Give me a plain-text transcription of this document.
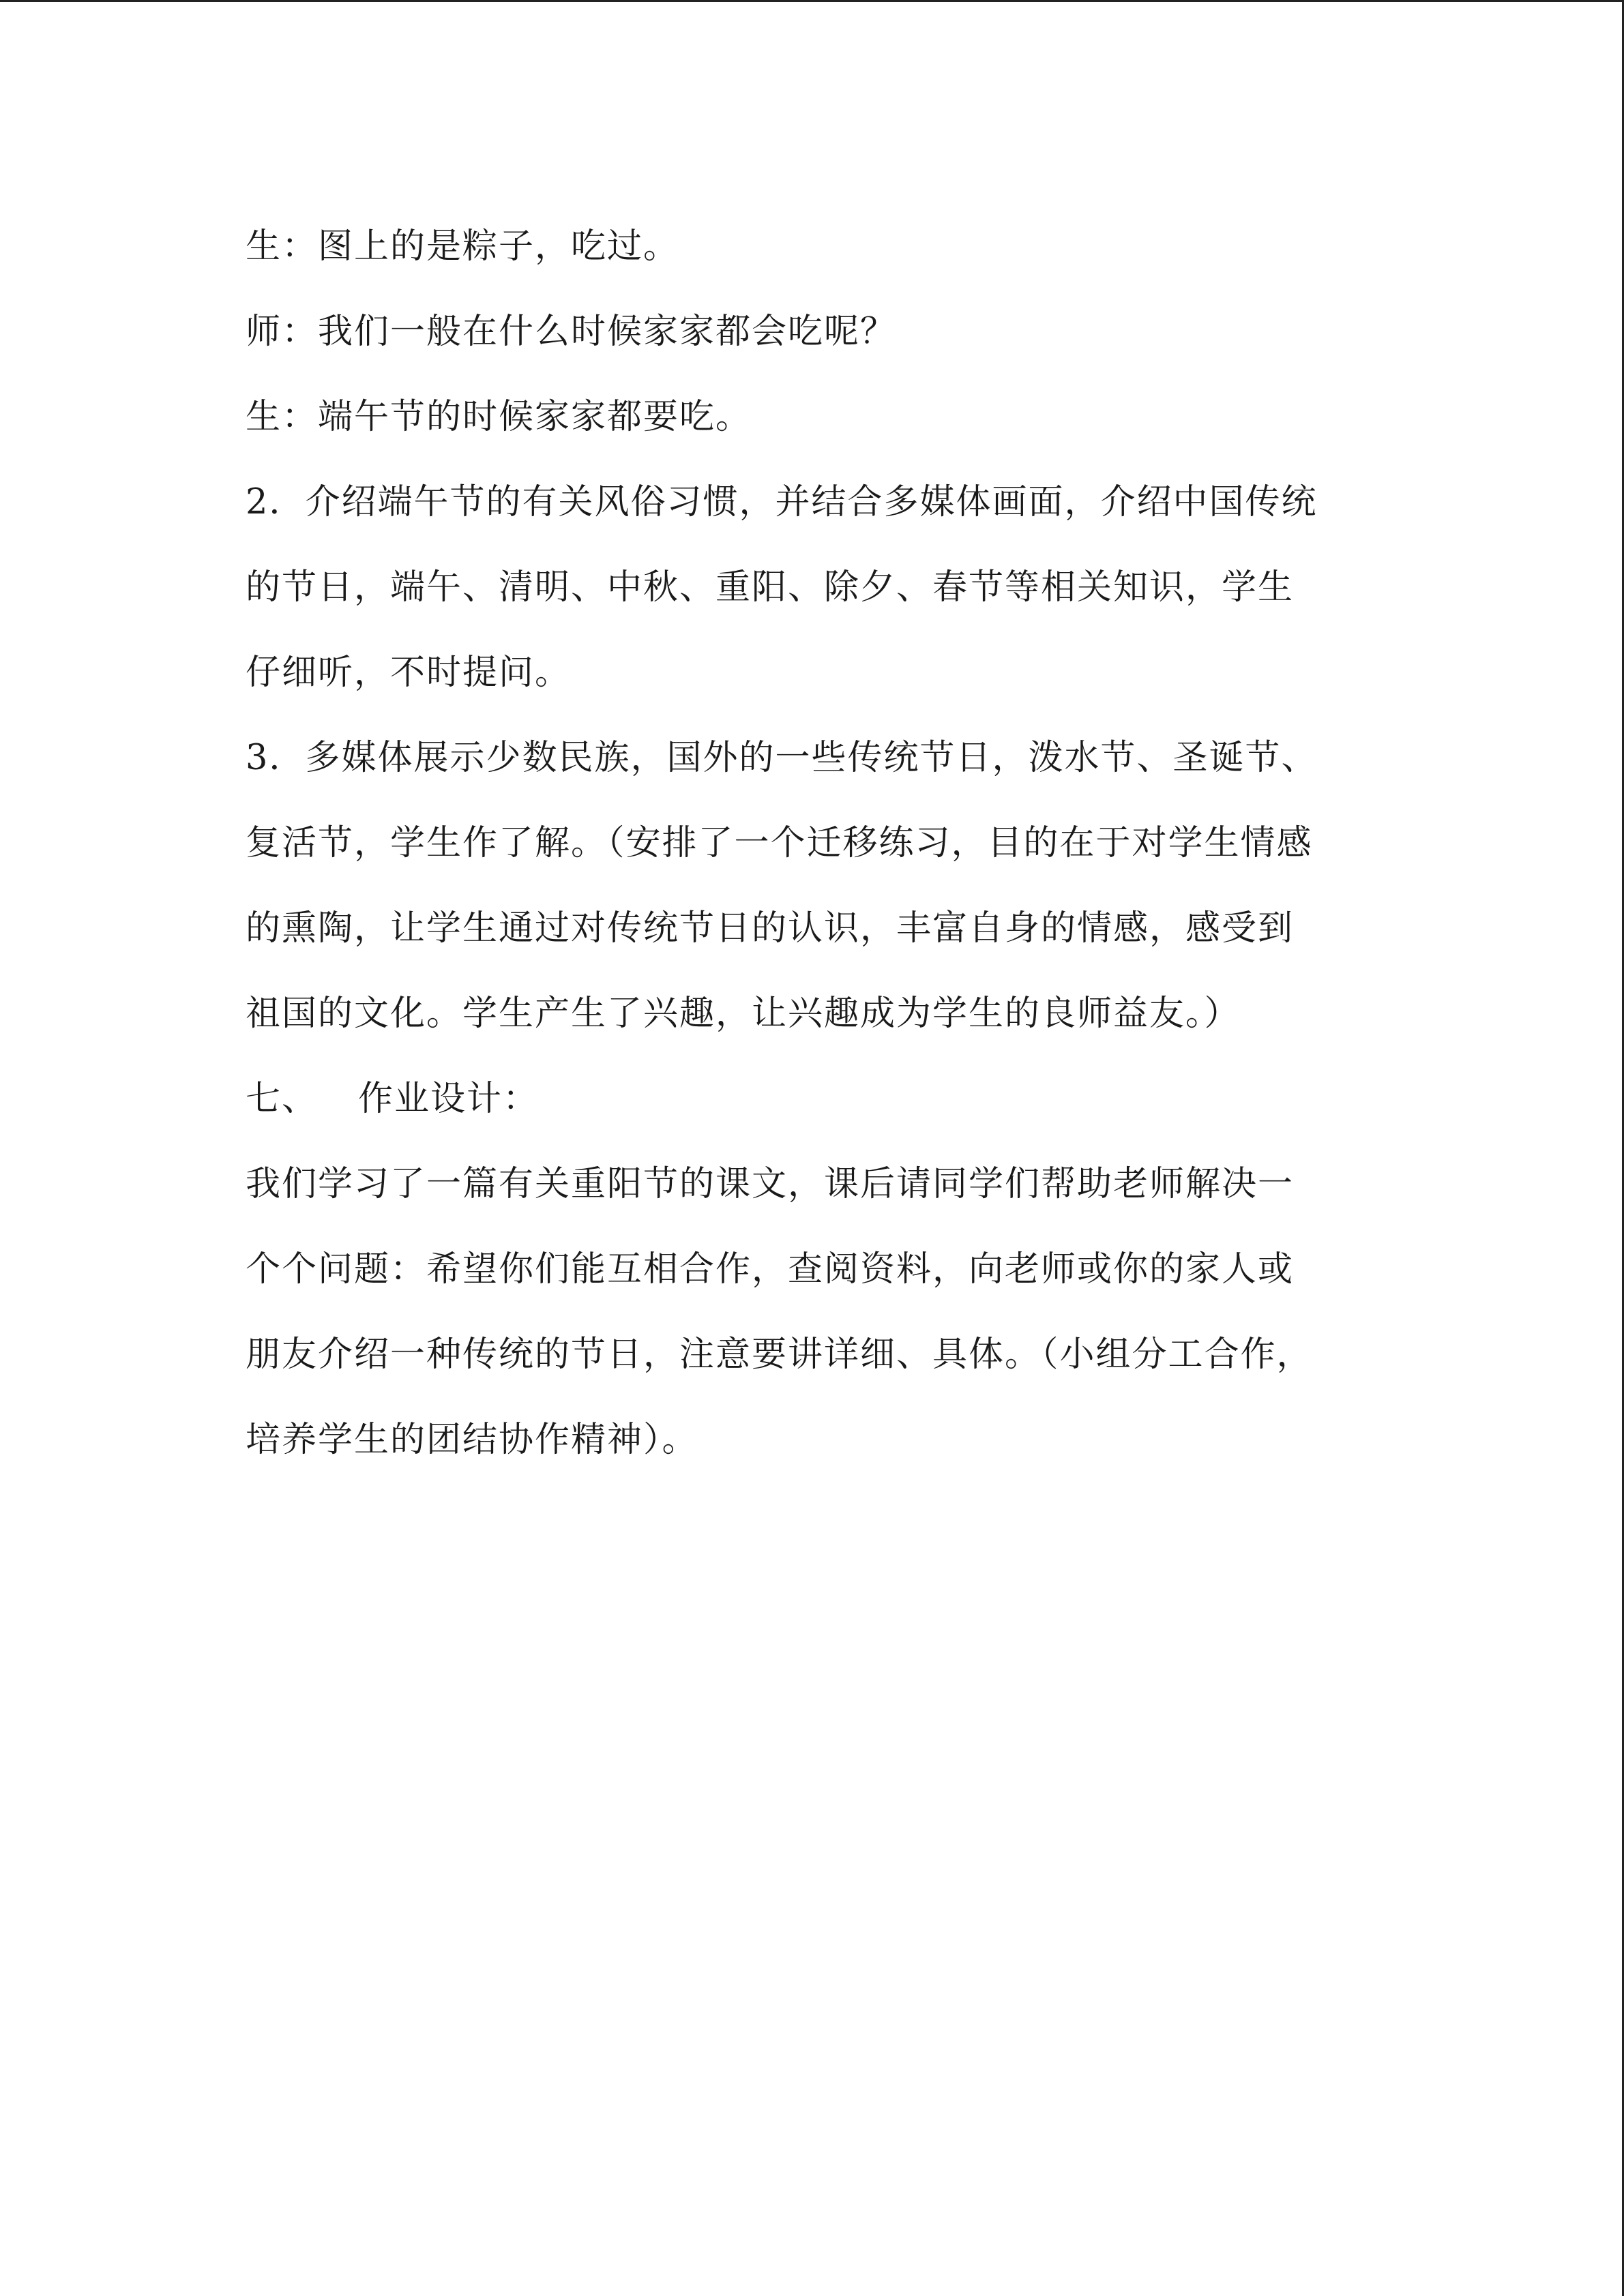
生：图上的是粽子，吃过。
师：我们一般在什么时候家家都会吃呢？
生：端午节的时候家家都要吃。
2．介绍端午节的有关风俗习惯，并结合多媒体画面，介绍中国传统
的节日，端午、清明、中秋、重阳、除夕、春节等相关知识，学生
仔细听，不时提问。
3．多媒体展示少数民族，国外的一些传统节日，泼水节、圣诞节、
复活节，学生作了解。（安排了一个迁移练习，目的在于对学生情感
的熏陶，让学生通过对传统节日的认识，丰富自身的情感，感受到
祖国的文化。学生产生了兴趣，让兴趣成为学生的良师益友。）
七、 作业设计：
我们学习了一篇有关重阳节的课文，课后请同学们帮助老师解决一
个个问题：希望你们能互相合作，查阅资料，向老师或你的家人或
朋友介绍一种传统的节日，注意要讲详细、具体。（小组分工合作，
培养学生的团结协作精神）。
